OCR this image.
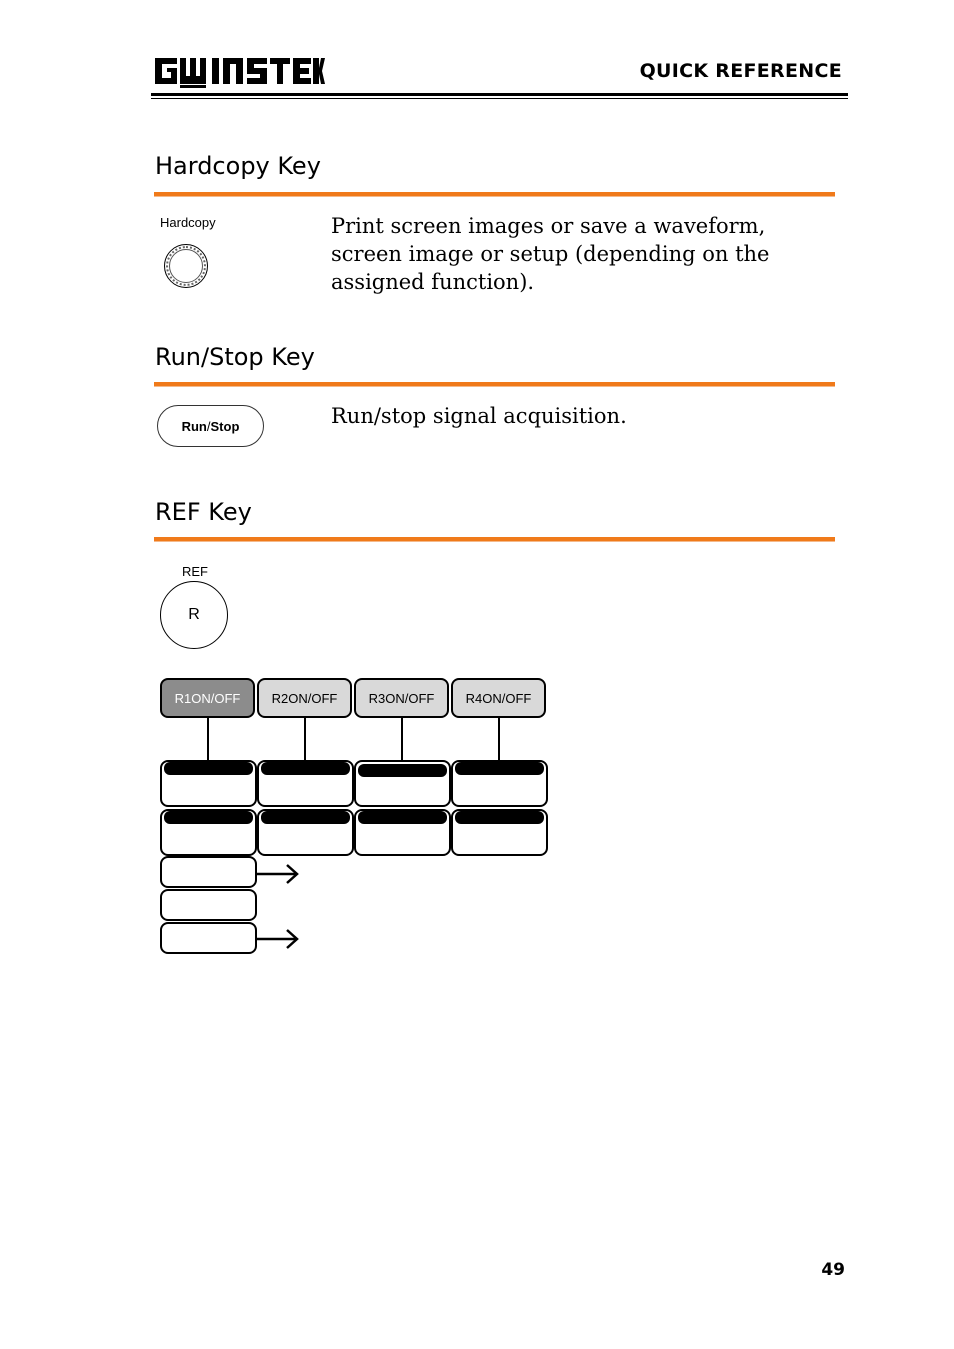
QUICK REFERENCE
Hardcopy Key
Hardcopy	Print screen images or save a waveform, screen image or setup (depending on the assigned function).
Run/Stop Key
Run / Stop	Run/stop signal acquisition.
REF Key
REF
R
R1ON/OFF	R2ON/OFF	R3ON/OFF	R4ON/OFF
49
